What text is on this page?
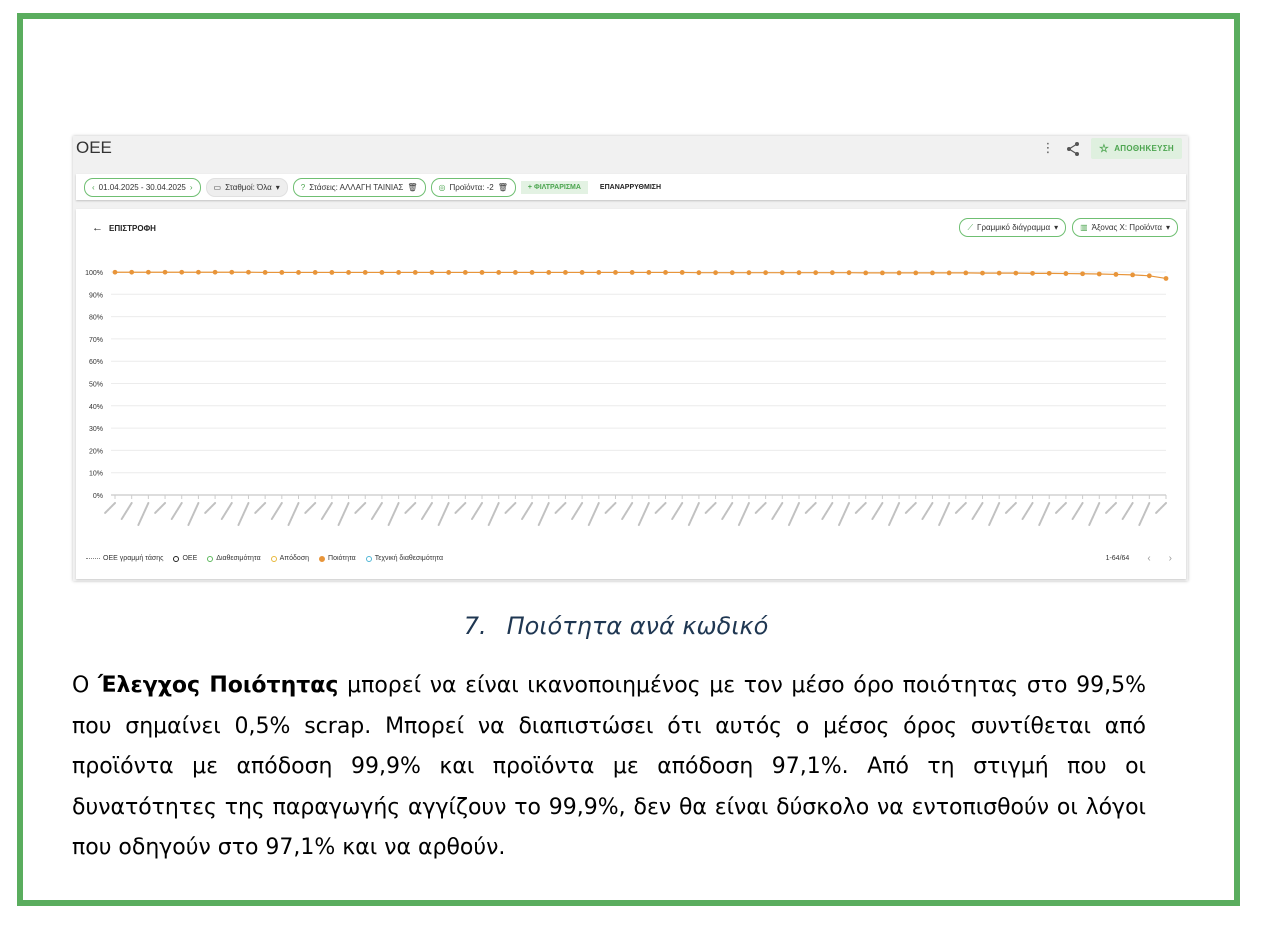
OEE	⋮	☆ ΑΠΟΘΗΚΕΥΣΗ
‹ 01.04.2025 - 30.04.2025 ›	▭ Σταθμοί: Όλα ▾	? Στάσεις: ΑΛΛΑΓΗ ΤΑΙΝΙΑΣ 🗑	◎ Προϊόντα: -2 🗑	+ ΦΙΛΤΡΑΡΙΣΜΑ	ΕΠΑΝΑΡΡΥΘΜΙΣΗ
← ΕΠΙΣΤΡΟΦΗ	⟋ Γραμμικό διάγραμμα ▾	▥ Άξονας Χ: Προϊόντα ▾
0%
10%
20%
30%
40%
50%
60%
70%
80%
90%
100%
OEE γραμμή τάσης	OEE	Διαθεσιμότητα	Απόδοση	Ποιότητα	Τεχνική διαθεσιμότητα	1-64/64 ‹ ›
7. Ποιότητα ανά κωδικό
Ο Έλεγχος Ποιότητας μπορεί να είναι ικανοποιημένος με τον μέσο όρο ποιότητας στο 99,5% που σημαίνει 0,5% scrap. Μπορεί να διαπιστώσει ότι αυτός ο μέσος όρος συντίθεται από προϊόντα με απόδοση 99,9% και προϊόντα με απόδοση 97,1%. Από τη στιγμή που οι δυνατότητες της παραγωγής αγγίζουν το 99,9%, δεν θα είναι δύσκολο να εντοπισθούν οι λόγοι που οδηγούν στο 97,1% και να αρθούν.
